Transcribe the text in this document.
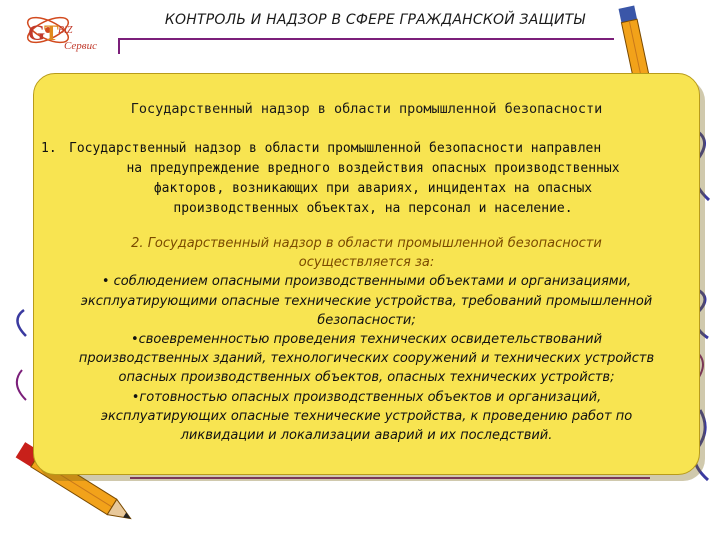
G
T BiZ
Сервис
КОНТРОЛЬ И НАДЗОР В СФЕРЕ ГРАЖДАНСКОЙ ЗАЩИТЫ
Государственный надзор в области промышленной безопасности
1. Государственный надзор в области промышленной безопасности направлен
на предупреждение вредного воздействия опасных производственных
факторов, возникающих при авариях, инцидентах на опасных
производственных объектах, на персонал и население.
2. Государственный надзор в области промышленной безопасности
осуществляется за:
• соблюдением опасными производственными объектами и организациями,
эксплуатирующими опасные технические устройства, требований промышленной
безопасности;
•своевременностью проведения технических освидетельствований
производственных зданий, технологических сооружений и технических устройств
опасных производственных объектов, опасных технических устройств;
•готовностью опасных производственных объектов и организаций,
эксплуатирующих опасные технические устройства, к проведению работ по
ликвидации и локализации аварий и их последствий.
